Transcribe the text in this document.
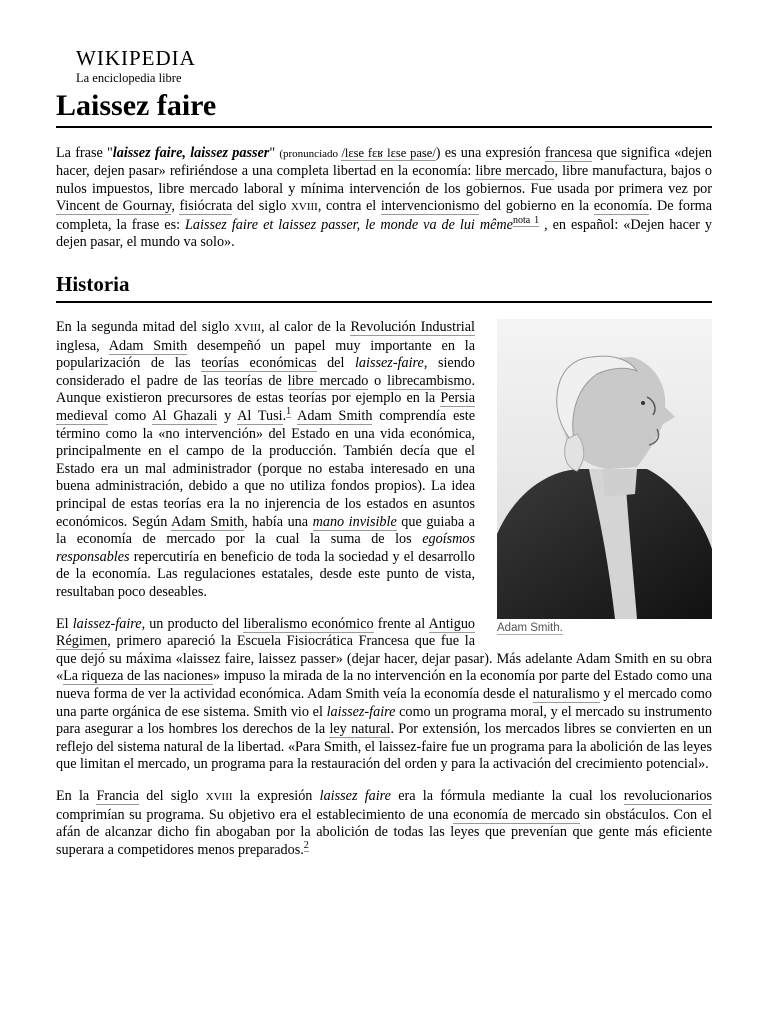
WIKIPEDIA
La enciclopedia libre
Laissez faire

La frase "laissez faire, laissez passer" (pronunciado /lɛse fɛʁ lɛse pase/) es una expresión francesa que significa «dejen hacer, dejen pasar» refiriéndose a una completa libertad en la economía: libre mercado, libre manufactura, bajos o nulos impuestos, libre mercado laboral y mínima intervención de los gobiernos. Fue usada por primera vez por Vincent de Gournay, fisiócrata del siglo XVIII, contra el intervencionismo del gobierno en la economía. De forma completa, la frase es: Laissez faire et laissez passer, le monde va de lui même$^{nota 1}$ , en español: «Dejen hacer y dejen pasar, el mundo va solo».

Historia
Adam Smith.

En la segunda mitad del siglo XVIII, al calor de la Revolución Industrial inglesa, Adam Smith desempeñó un papel muy importante en la popularización de las teorías económicas del laissez-faire, siendo considerado el padre de las teorías de libre mercado o librecambismo. Aunque existieron precursores de estas teorías por ejemplo en la Persia medieval como Al Ghazali y Al Tusi.$^1$ Adam Smith comprendía este término como la «no intervención» del Estado en una vida económica, principalmente en el campo de la producción. También decía que el Estado era un mal administrador (porque no estaba interesado en una buena administración, debido a que no utiliza fondos propios). La idea principal de estas teorías era la no injerencia de los estados en asuntos económicos. Según Adam Smith, había una mano invisible que guiaba a la economía de mercado por la cual la suma de los egoísmos responsables repercutiría en beneficio de toda la sociedad y el desarrollo de la economía. Las regulaciones estatales, desde este punto de vista, resultaban poco deseables.

El laissez-faire, un producto del liberalismo económico frente al Antiguo Régimen, primero apareció la Escuela Fisiocrática Francesa que fue la que dejó su máxima «laissez faire, laissez passer» (dejar hacer, dejar pasar). Más adelante Adam Smith en su obra «La riqueza de las naciones» impuso la mirada de la no intervención en la economía por parte del Estado como una nueva forma de ver la actividad económica. Adam Smith veía la economía desde el naturalismo y el mercado como una parte orgánica de ese sistema. Smith vio el laissez-faire como un programa moral, y el mercado su instrumento para asegurar a los hombres los derechos de la ley natural. Por extensión, los mercados libres se convierten en un reflejo del sistema natural de la libertad. «Para Smith, el laissez-faire fue un programa para la abolición de las leyes que limitan el mercado, un programa para la restauración del orden y para la activación del crecimiento potencial».

En la Francia del siglo XVIII la expresión laissez faire era la fórmula mediante la cual los revolucionarios comprimían su programa. Su objetivo era el establecimiento de una economía de mercado sin obstáculos. Con el afán de alcanzar dicho fin abogaban por la abolición de todas las leyes que prevenían que gente más eficiente superara a competidores menos preparados.$^2$
